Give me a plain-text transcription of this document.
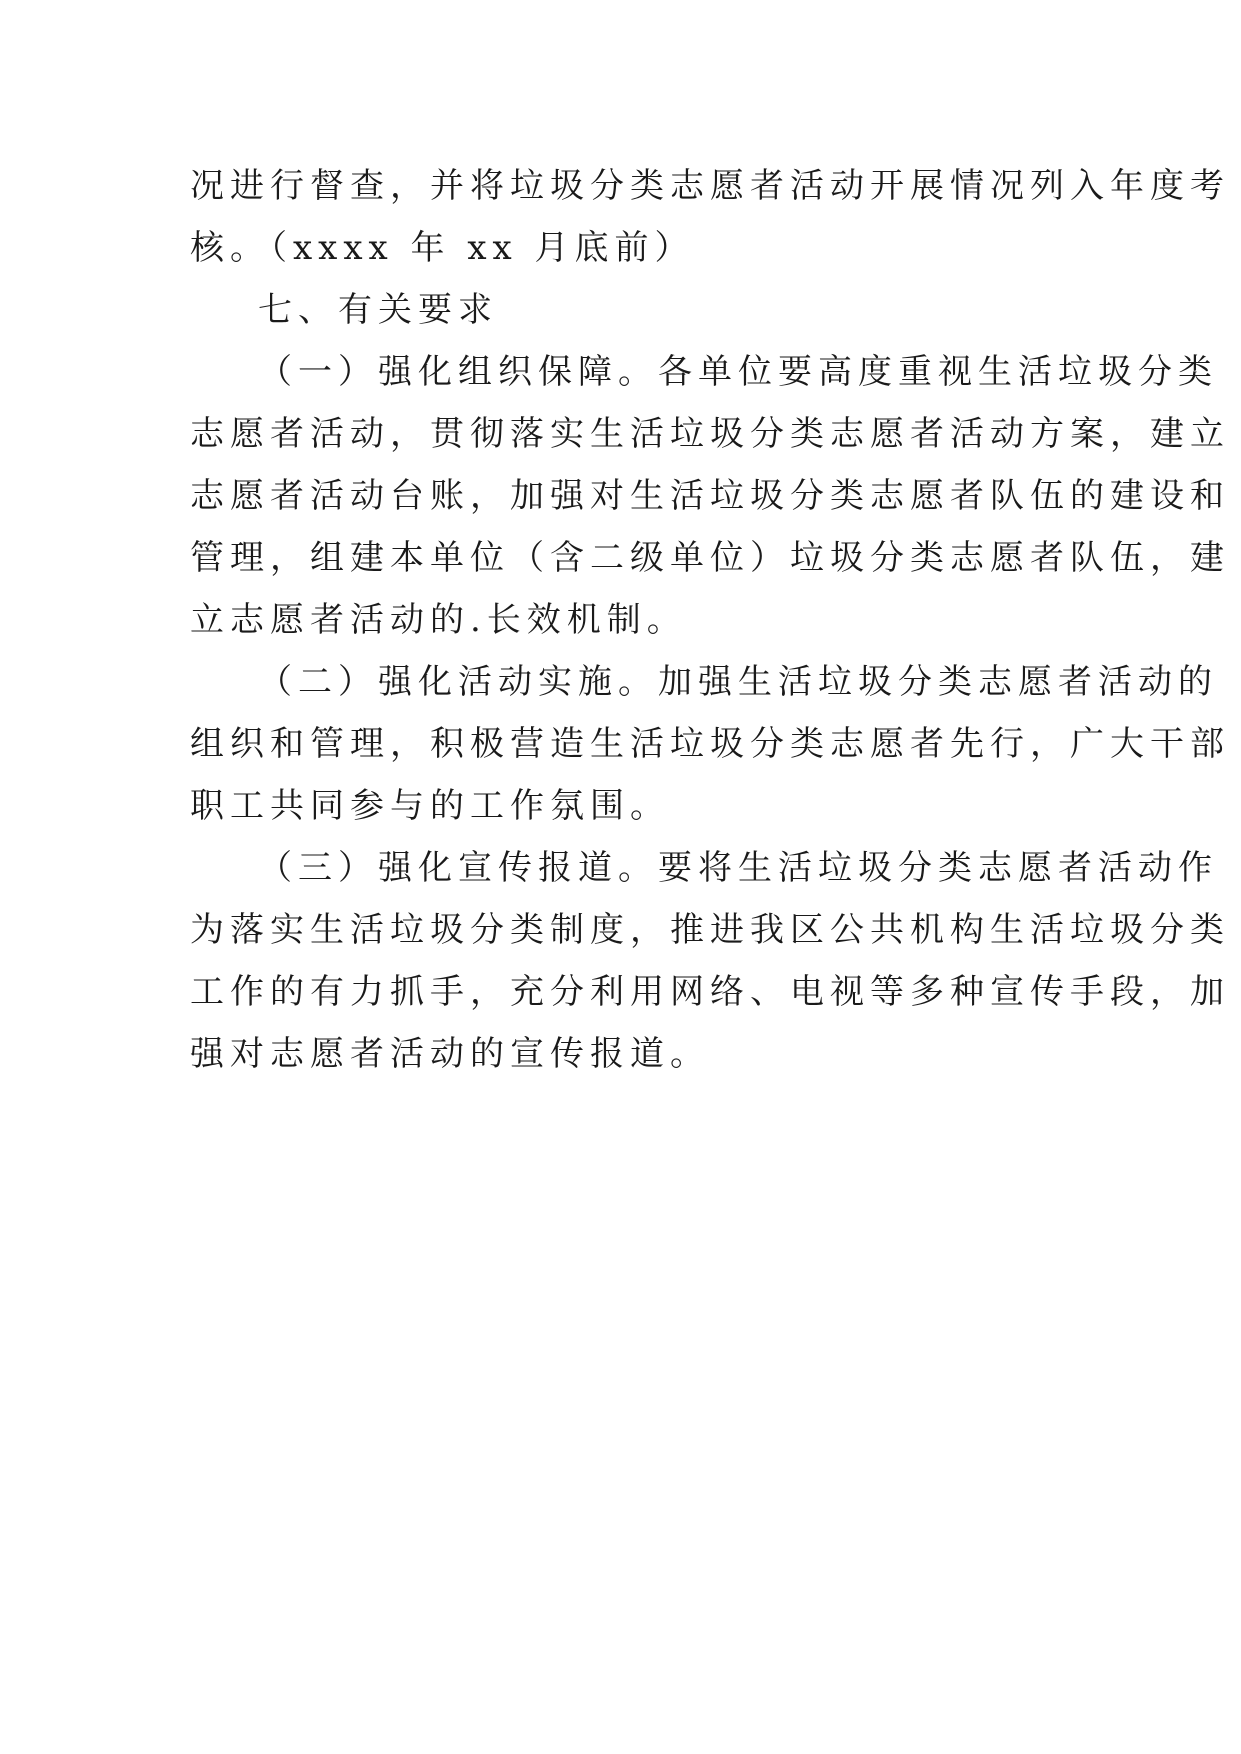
况进行督查，并将垃圾分类志愿者活动开展情况列入年度考
核。（xxxx 年 xx 月底前）
七、有关要求
（一）强化组织保障。各单位要高度重视生活垃圾分类
志愿者活动，贯彻落实生活垃圾分类志愿者活动方案，建立
志愿者活动台账，加强对生活垃圾分类志愿者队伍的建设和
管理，组建本单位（含二级单位）垃圾分类志愿者队伍，建
立志愿者活动的.长效机制。
（二）强化活动实施。加强生活垃圾分类志愿者活动的
组织和管理，积极营造生活垃圾分类志愿者先行，广大干部
职工共同参与的工作氛围。
（三）强化宣传报道。要将生活垃圾分类志愿者活动作
为落实生活垃圾分类制度，推进我区公共机构生活垃圾分类
工作的有力抓手，充分利用网络、电视等多种宣传手段，加
强对志愿者活动的宣传报道。
